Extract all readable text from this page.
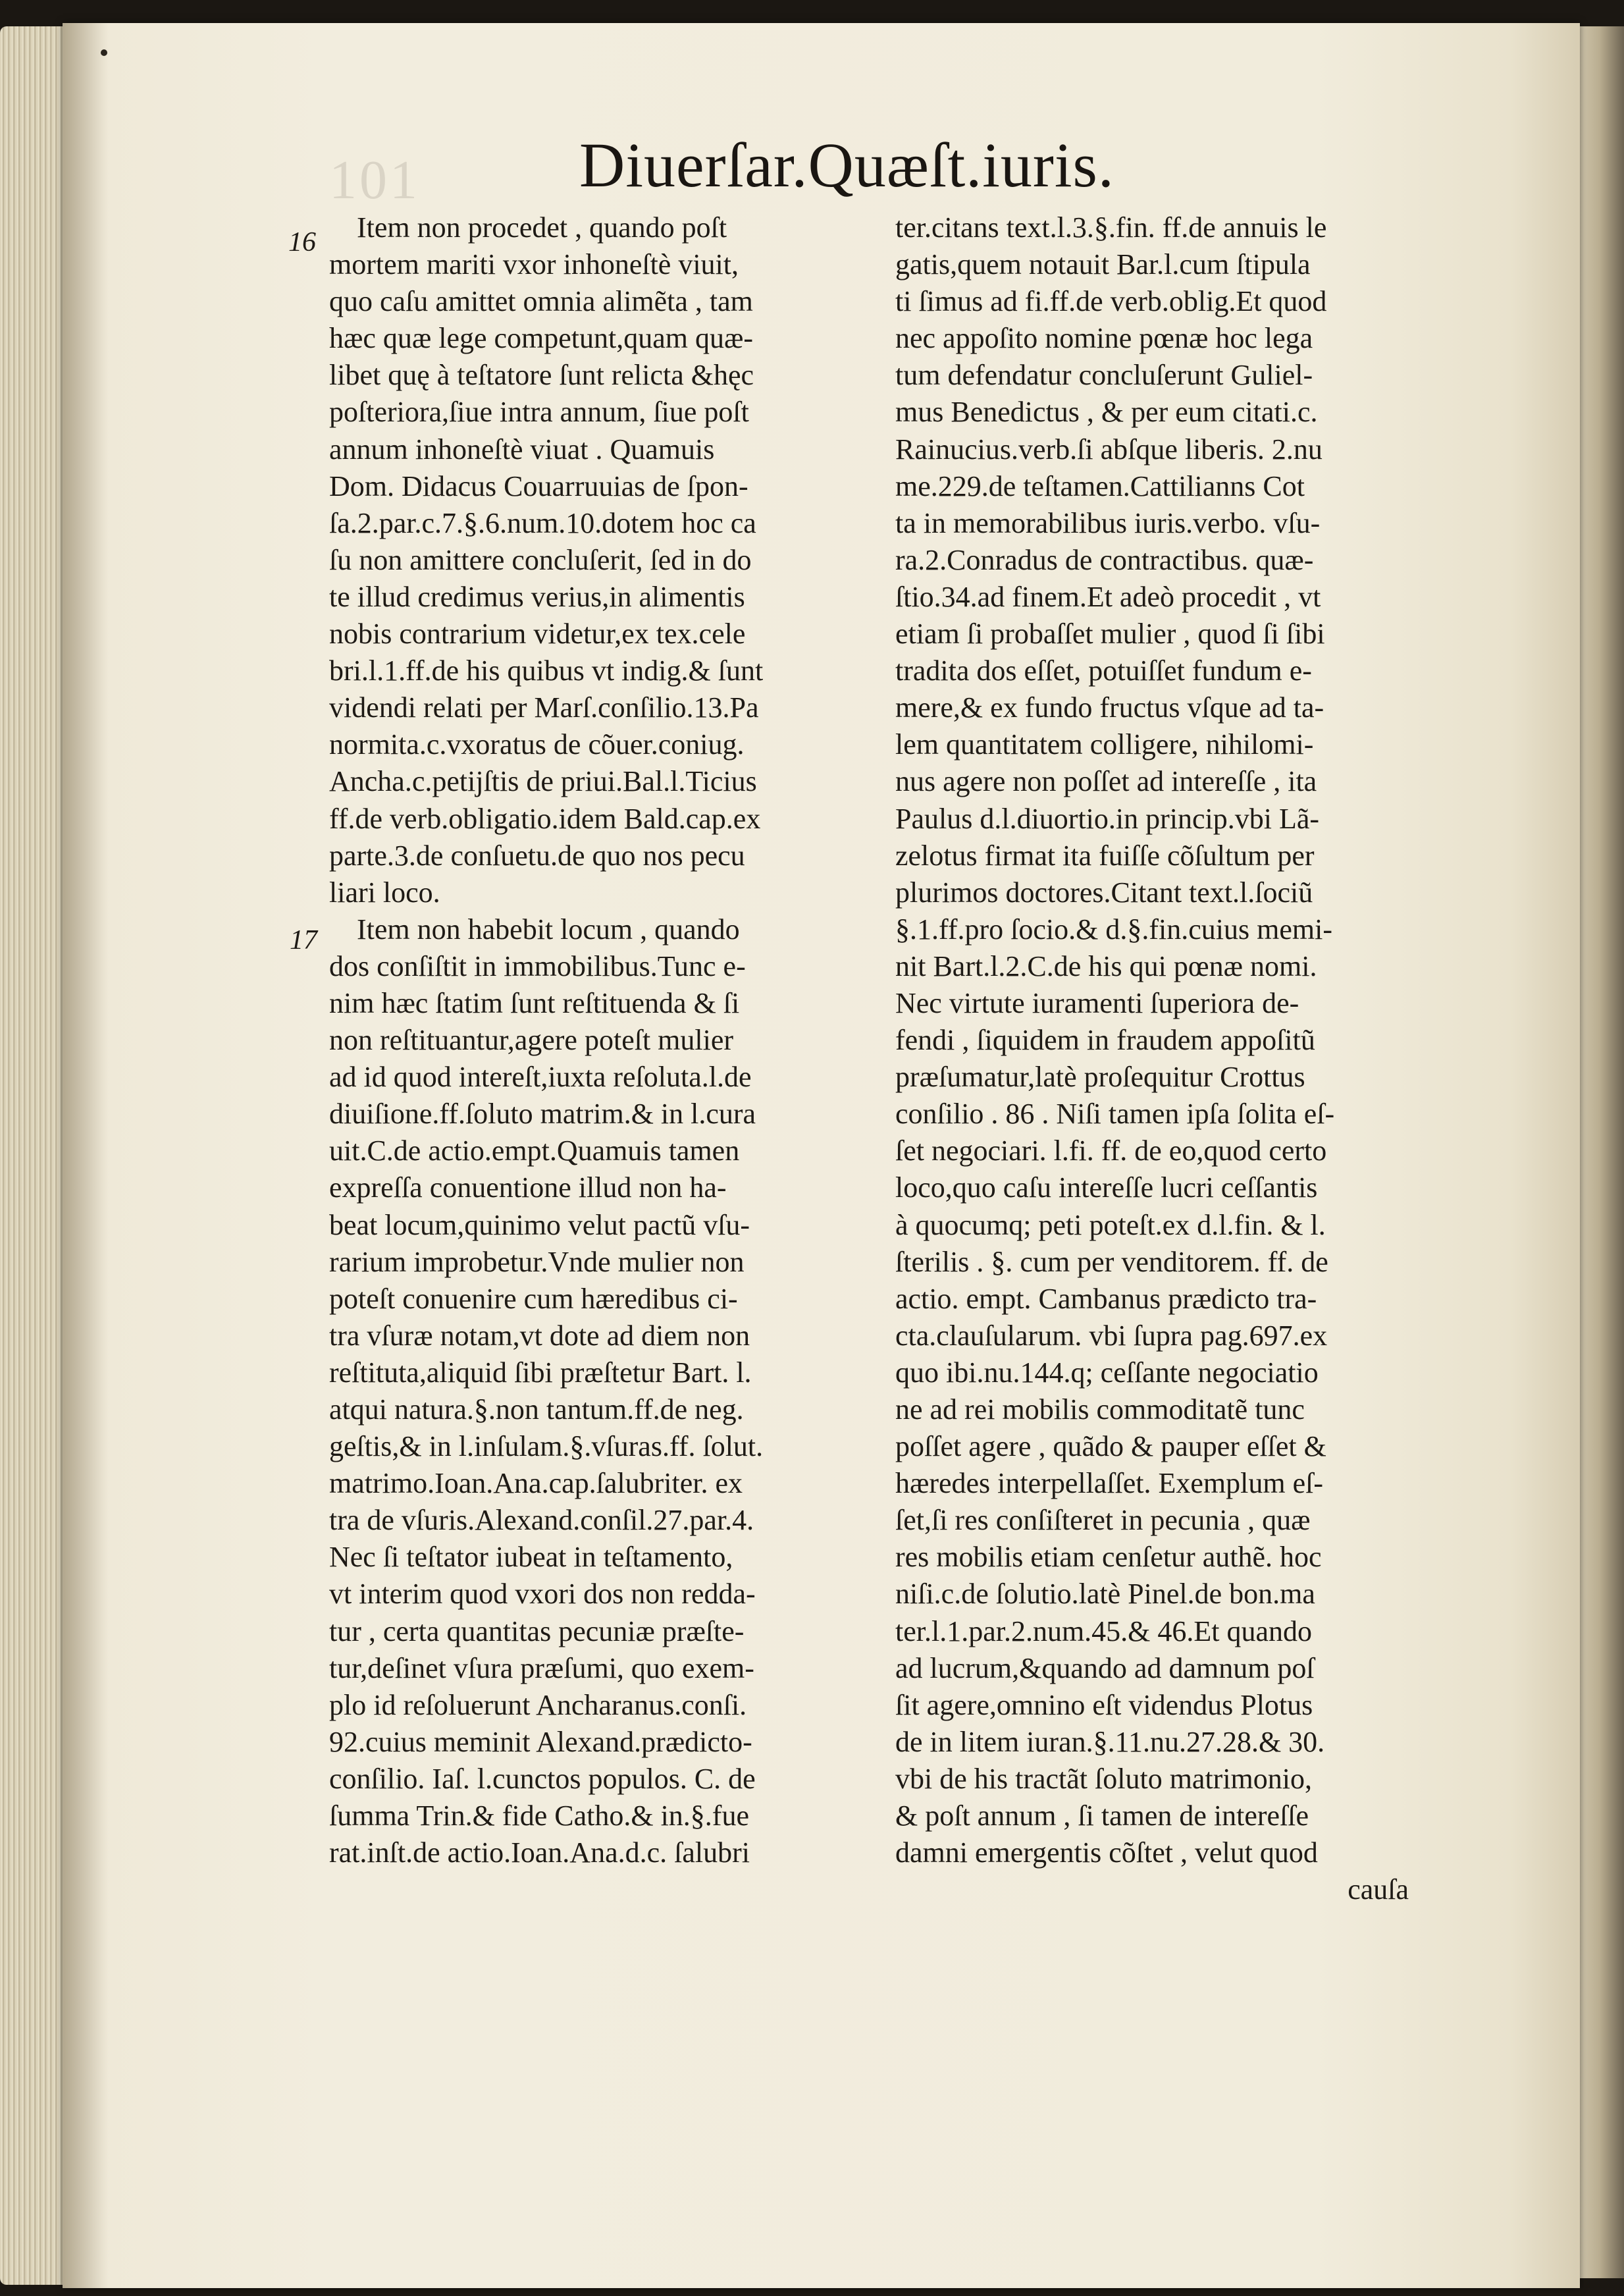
101	Diuerſar.Quæſt.iuris.
16
17
Item non procedet , quando poſt
mortem mariti vxor inhoneſtè viuit,
quo caſu amittet omnia alimẽta , tam
hæc quæ lege competunt,quam quæ-
libet quę à teſtatore ſunt relicta &hęc
poſteriora,ſiue intra annum, ſiue poſt
annum inhoneſtè viuat . Quamuis
Dom. Didacus Couarruuias de ſpon-
ſa.2.par.c.7.§.6.num.10.dotem hoc ca
ſu non amittere concluſerit, ſed in do
te illud credimus verius,in alimentis
nobis contrarium videtur,ex tex.cele
bri.l.1.ff.de his quibus vt indig.& ſunt
videndi relati per Marſ.conſilio.13.Pa
normita.c.vxoratus de cõuer.coniug.
Ancha.c.petijſtis de priui.Bal.l.Ticius
ff.de verb.obligatio.idem Bald.cap.ex
parte.3.de conſuetu.de quo nos pecu
liari loco.
Item non habebit locum , quando
dos conſiſtit in immobilibus.Tunc e-
nim hæc ſtatim ſunt reſtituenda & ſi
non reſtituantur,agere poteſt mulier
ad id quod intereſt,iuxta reſoluta.l.de
diuiſione.ff.ſoluto matrim.& in l.cura
uit.C.de actio.empt.Quamuis tamen
expreſſa conuentione illud non ha-
beat locum,quinimo velut pactũ vſu-
rarium improbetur.Vnde mulier non
poteſt conuenire cum hæredibus ci-
tra vſuræ notam,vt dote ad diem non
reſtituta,aliquid ſibi præſtetur Bart. l.
atqui natura.§.non tantum.ff.de neg.
geſtis,& in l.inſulam.§.vſuras.ff. ſolut.
matrimo.Ioan.Ana.cap.ſalubriter. ex
tra de vſuris.Alexand.conſil.27.par.4.
Nec ſi teſtator iubeat in teſtamento,
vt interim quod vxori dos non redda-
tur , certa quantitas pecuniæ præſte-
tur,deſinet vſura præſumi, quo exem-
plo id reſoluerunt Ancharanus.conſi.
92.cuius meminit Alexand.prædicto-
conſilio. Iaſ. l.cunctos populos. C. de
ſumma Trin.& fide Catho.& in.§.fue
rat.inſt.de actio.Ioan.Ana.d.c. ſalubri
ter.citans text.l.3.§.fin. ff.de annuis le
gatis,quem notauit Bar.l.cum ſtipula
ti ſimus ad fi.ff.de verb.oblig.Et quod
nec appoſito nomine pœnæ hoc lega
tum defendatur concluſerunt Guliel-
mus Benedictus , & per eum citati.c.
Rainucius.verb.ſi abſque liberis. 2.nu
me.229.de teſtamen.Cattilianns Cot
ta in memorabilibus iuris.verbo. vſu-
ra.2.Conradus de contractibus. quæ-
ſtio.34.ad finem.Et adeò procedit , vt
etiam ſi probaſſet mulier , quod ſi ſibi
tradita dos eſſet, potuiſſet fundum e-
mere,& ex fundo fructus vſque ad ta-
lem quantitatem colligere, nihilomi-
nus agere non poſſet ad intereſſe , ita
Paulus d.l.diuortio.in princip.vbi Lã-
zelotus firmat ita fuiſſe cõſultum per
plurimos doctores.Citant text.l.ſociũ
§.1.ff.pro ſocio.& d.§.fin.cuius memi-
nit Bart.l.2.C.de his qui pœnæ nomi.
Nec virtute iuramenti ſuperiora de-
fendi , ſiquidem in fraudem appoſitũ
præſumatur,latè proſequitur Crottus
conſilio . 86 . Niſi tamen ipſa ſolita eſ-
ſet negociari. l.fi. ff. de eo,quod certo
loco,quo caſu intereſſe lucri ceſſantis
à quocumq; peti poteſt.ex d.l.fin. & l.
ſterilis . §. cum per venditorem. ff. de
actio. empt. Cambanus prædicto tra-
cta.clauſularum. vbi ſupra pag.697.ex
quo ibi.nu.144.q; ceſſante negociatio
ne ad rei mobilis commoditatẽ tunc
poſſet agere , quãdo & pauper eſſet &
hæredes interpellaſſet. Exemplum eſ-
ſet,ſi res conſiſteret in pecunia , quæ
res mobilis etiam cenſetur authẽ. hoc
niſi.c.de ſolutio.latè Pinel.de bon.ma
ter.l.1.par.2.num.45.& 46.Et quando
ad lucrum,&quando ad damnum poſ
ſit agere,omnino eſt videndus Plotus
de in litem iuran.§.11.nu.27.28.& 30.
vbi de his tractãt ſoluto matrimonio,
& poſt annum , ſi tamen de intereſſe
damni emergentis cõſtet , velut quod
cauſa
